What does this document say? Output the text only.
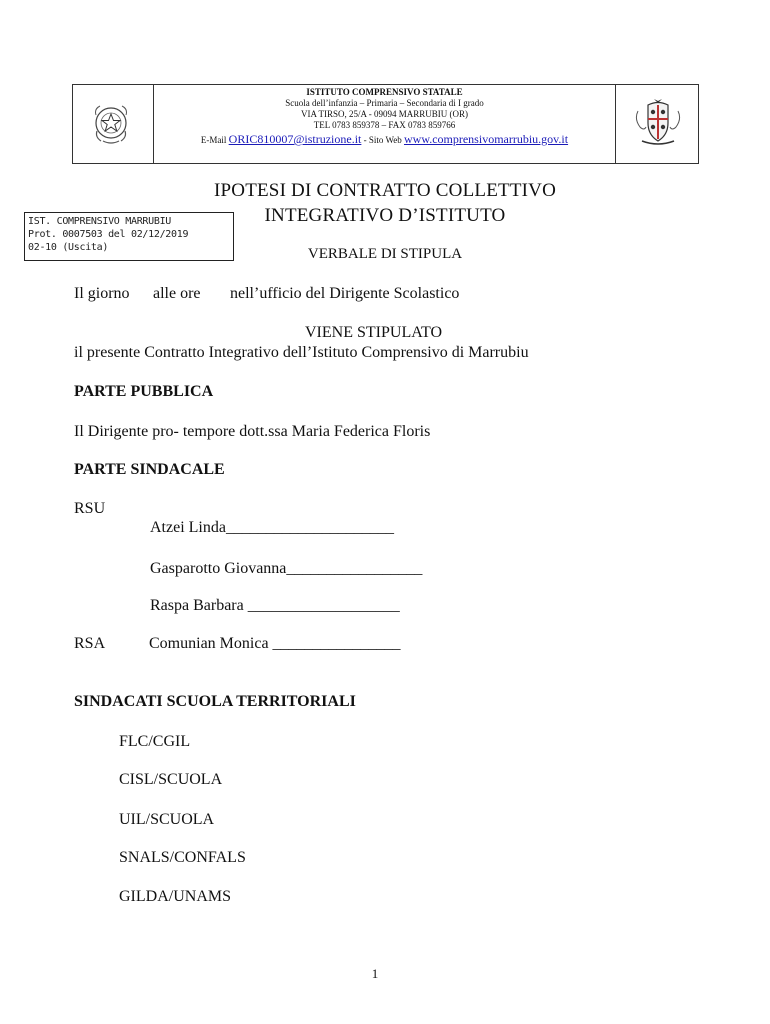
ISTITUTO COMPRENSIVO STATALE
Scuola dell’infanzia – Primaria – Secondaria di I grado
VIA TIRSO, 25/A - 09094 MARRUBIU (OR)
TEL 0783 859378 – FAX 0783 859766
E-Mail ORIC810007@istruzione.it - Sito Web www.comprensivomarrubiu.gov.it
IST. COMPRENSIVO MARRUBIU
Prot. 0007503 del 02/12/2019
02-10 (Uscita)
IPOTESI DI CONTRATTO COLLETTIVO
INTEGRATIVO D’ISTITUTO
VERBALE DI STIPULA
Il giorno alle ore nell’ufficio del Dirigente Scolastico
VIENE STIPULATO
il presente Contratto Integrativo dell’Istituto Comprensivo di Marrubiu
PARTE PUBBLICA
Il Dirigente pro- tempore dott.ssa Maria Federica Floris
PARTE SINDACALE
RSU
Atzei Linda_____________________
Gasparotto Giovanna_________________
Raspa Barbara ___________________
RSA	Comunian Monica ________________
SINDACATI SCUOLA TERRITORIALI
FLC/CGIL
CISL/SCUOLA
UIL/SCUOLA
SNALS/CONFALS
GILDA/UNAMS
1
